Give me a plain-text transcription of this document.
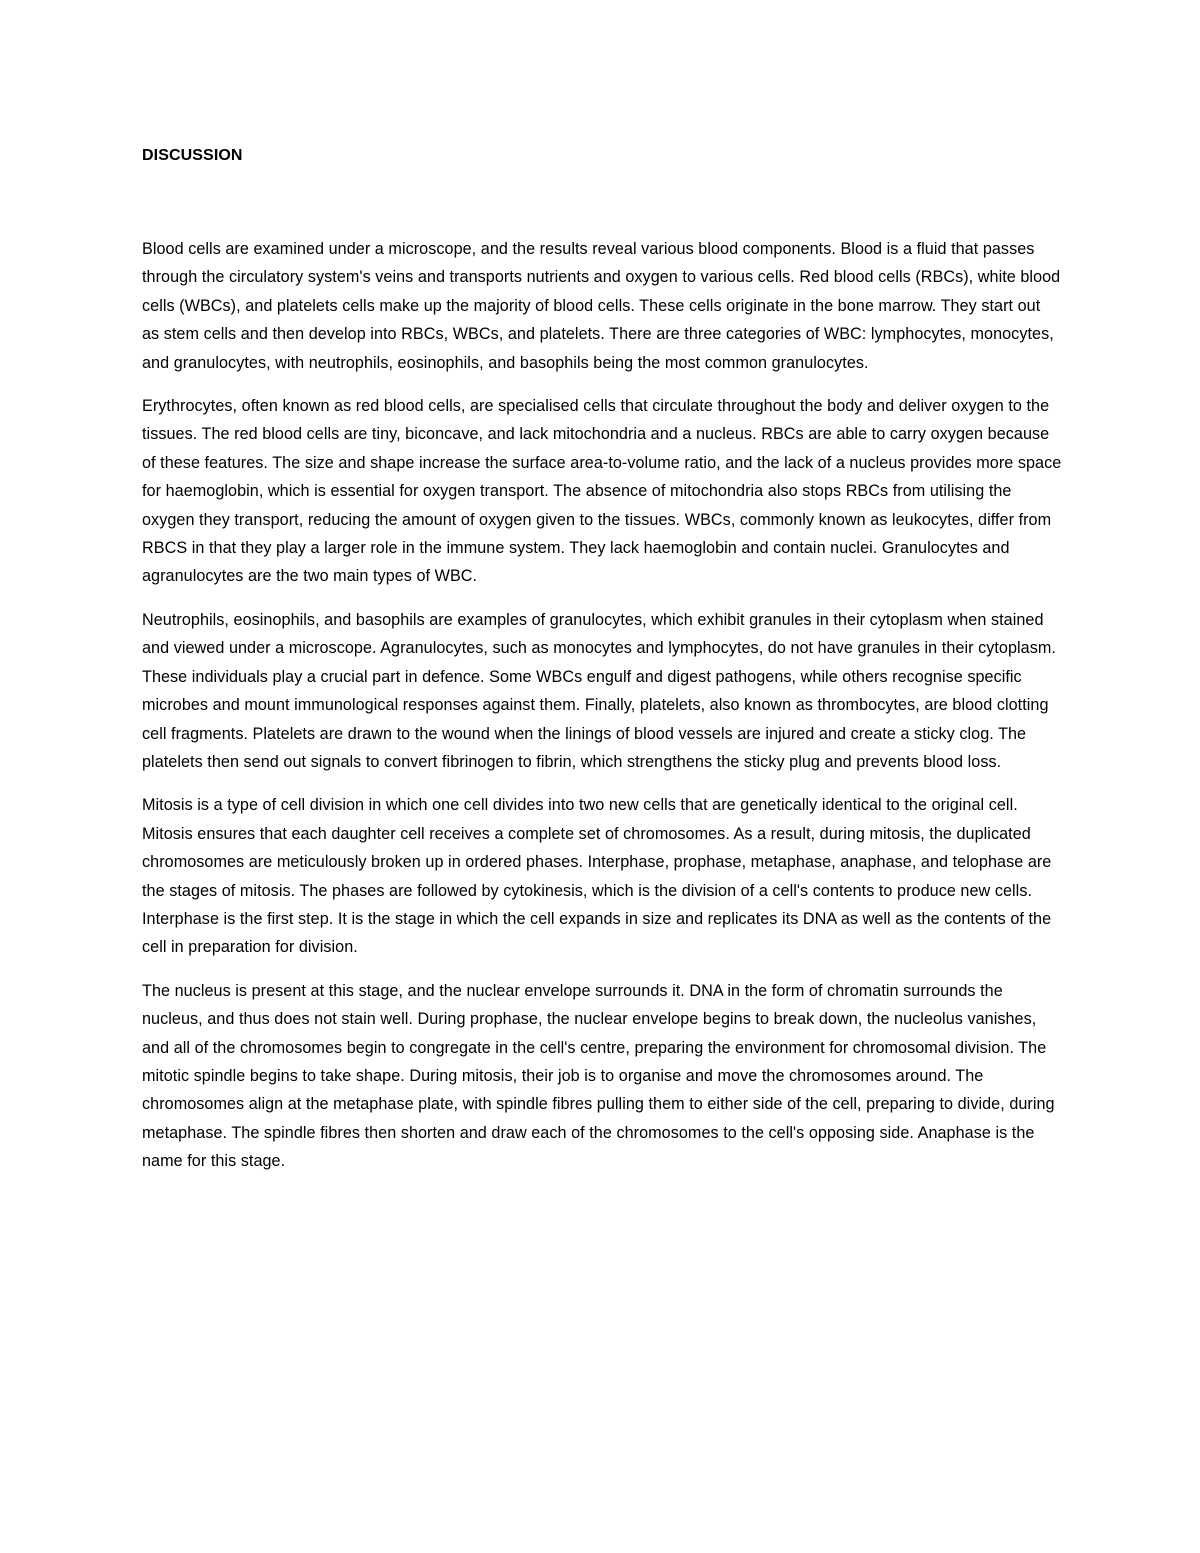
DISCUSSION

Blood cells are examined under a microscope, and the results reveal various blood components. Blood is a fluid that passes through the circulatory system's veins and transports nutrients and oxygen to various cells. Red blood cells (RBCs), white blood cells (WBCs), and platelets cells make up the majority of blood cells. These cells originate in the bone marrow. They start out as stem cells and then develop into RBCs, WBCs, and platelets. There are three categories of WBC: lymphocytes, monocytes, and granulocytes, with neutrophils, eosinophils, and basophils being the most common granulocytes.

Erythrocytes, often known as red blood cells, are specialised cells that circulate throughout the body and deliver oxygen to the tissues. The red blood cells are tiny, biconcave, and lack mitochondria and a nucleus. RBCs are able to carry oxygen because of these features. The size and shape increase the surface area-to-volume ratio, and the lack of a nucleus provides more space for haemoglobin, which is essential for oxygen transport. The absence of mitochondria also stops RBCs from utilising the oxygen they transport, reducing the amount of oxygen given to the tissues. WBCs, commonly known as leukocytes, differ from RBCS in that they play a larger role in the immune system. They lack haemoglobin and contain nuclei. Granulocytes and agranulocytes are the two main types of WBC.

Neutrophils, eosinophils, and basophils are examples of granulocytes, which exhibit granules in their cytoplasm when stained and viewed under a microscope. Agranulocytes, such as monocytes and lymphocytes, do not have granules in their cytoplasm. These individuals play a crucial part in defence. Some WBCs engulf and digest pathogens, while others recognise specific microbes and mount immunological responses against them. Finally, platelets, also known as thrombocytes, are blood clotting cell fragments. Platelets are drawn to the wound when the linings of blood vessels are injured and create a sticky clog. The platelets then send out signals to convert fibrinogen to fibrin, which strengthens the sticky plug and prevents blood loss.

Mitosis is a type of cell division in which one cell divides into two new cells that are genetically identical to the original cell. Mitosis ensures that each daughter cell receives a complete set of chromosomes. As a result, during mitosis, the duplicated chromosomes are meticulously broken up in ordered phases. Interphase, prophase, metaphase, anaphase, and telophase are the stages of mitosis. The phases are followed by cytokinesis, which is the division of a cell's contents to produce new cells. Interphase is the first step. It is the stage in which the cell expands in size and replicates its DNA as well as the contents of the cell in preparation for division.

The nucleus is present at this stage, and the nuclear envelope surrounds it. DNA in the form of chromatin surrounds the nucleus, and thus does not stain well. During prophase, the nuclear envelope begins to break down, the nucleolus vanishes, and all of the chromosomes begin to congregate in the cell's centre, preparing the environment for chromosomal division. The mitotic spindle begins to take shape. During mitosis, their job is to organise and move the chromosomes around. The chromosomes align at the metaphase plate, with spindle fibres pulling them to either side of the cell, preparing to divide, during metaphase. The spindle fibres then shorten and draw each of the chromosomes to the cell's opposing side. Anaphase is the name for this stage.
